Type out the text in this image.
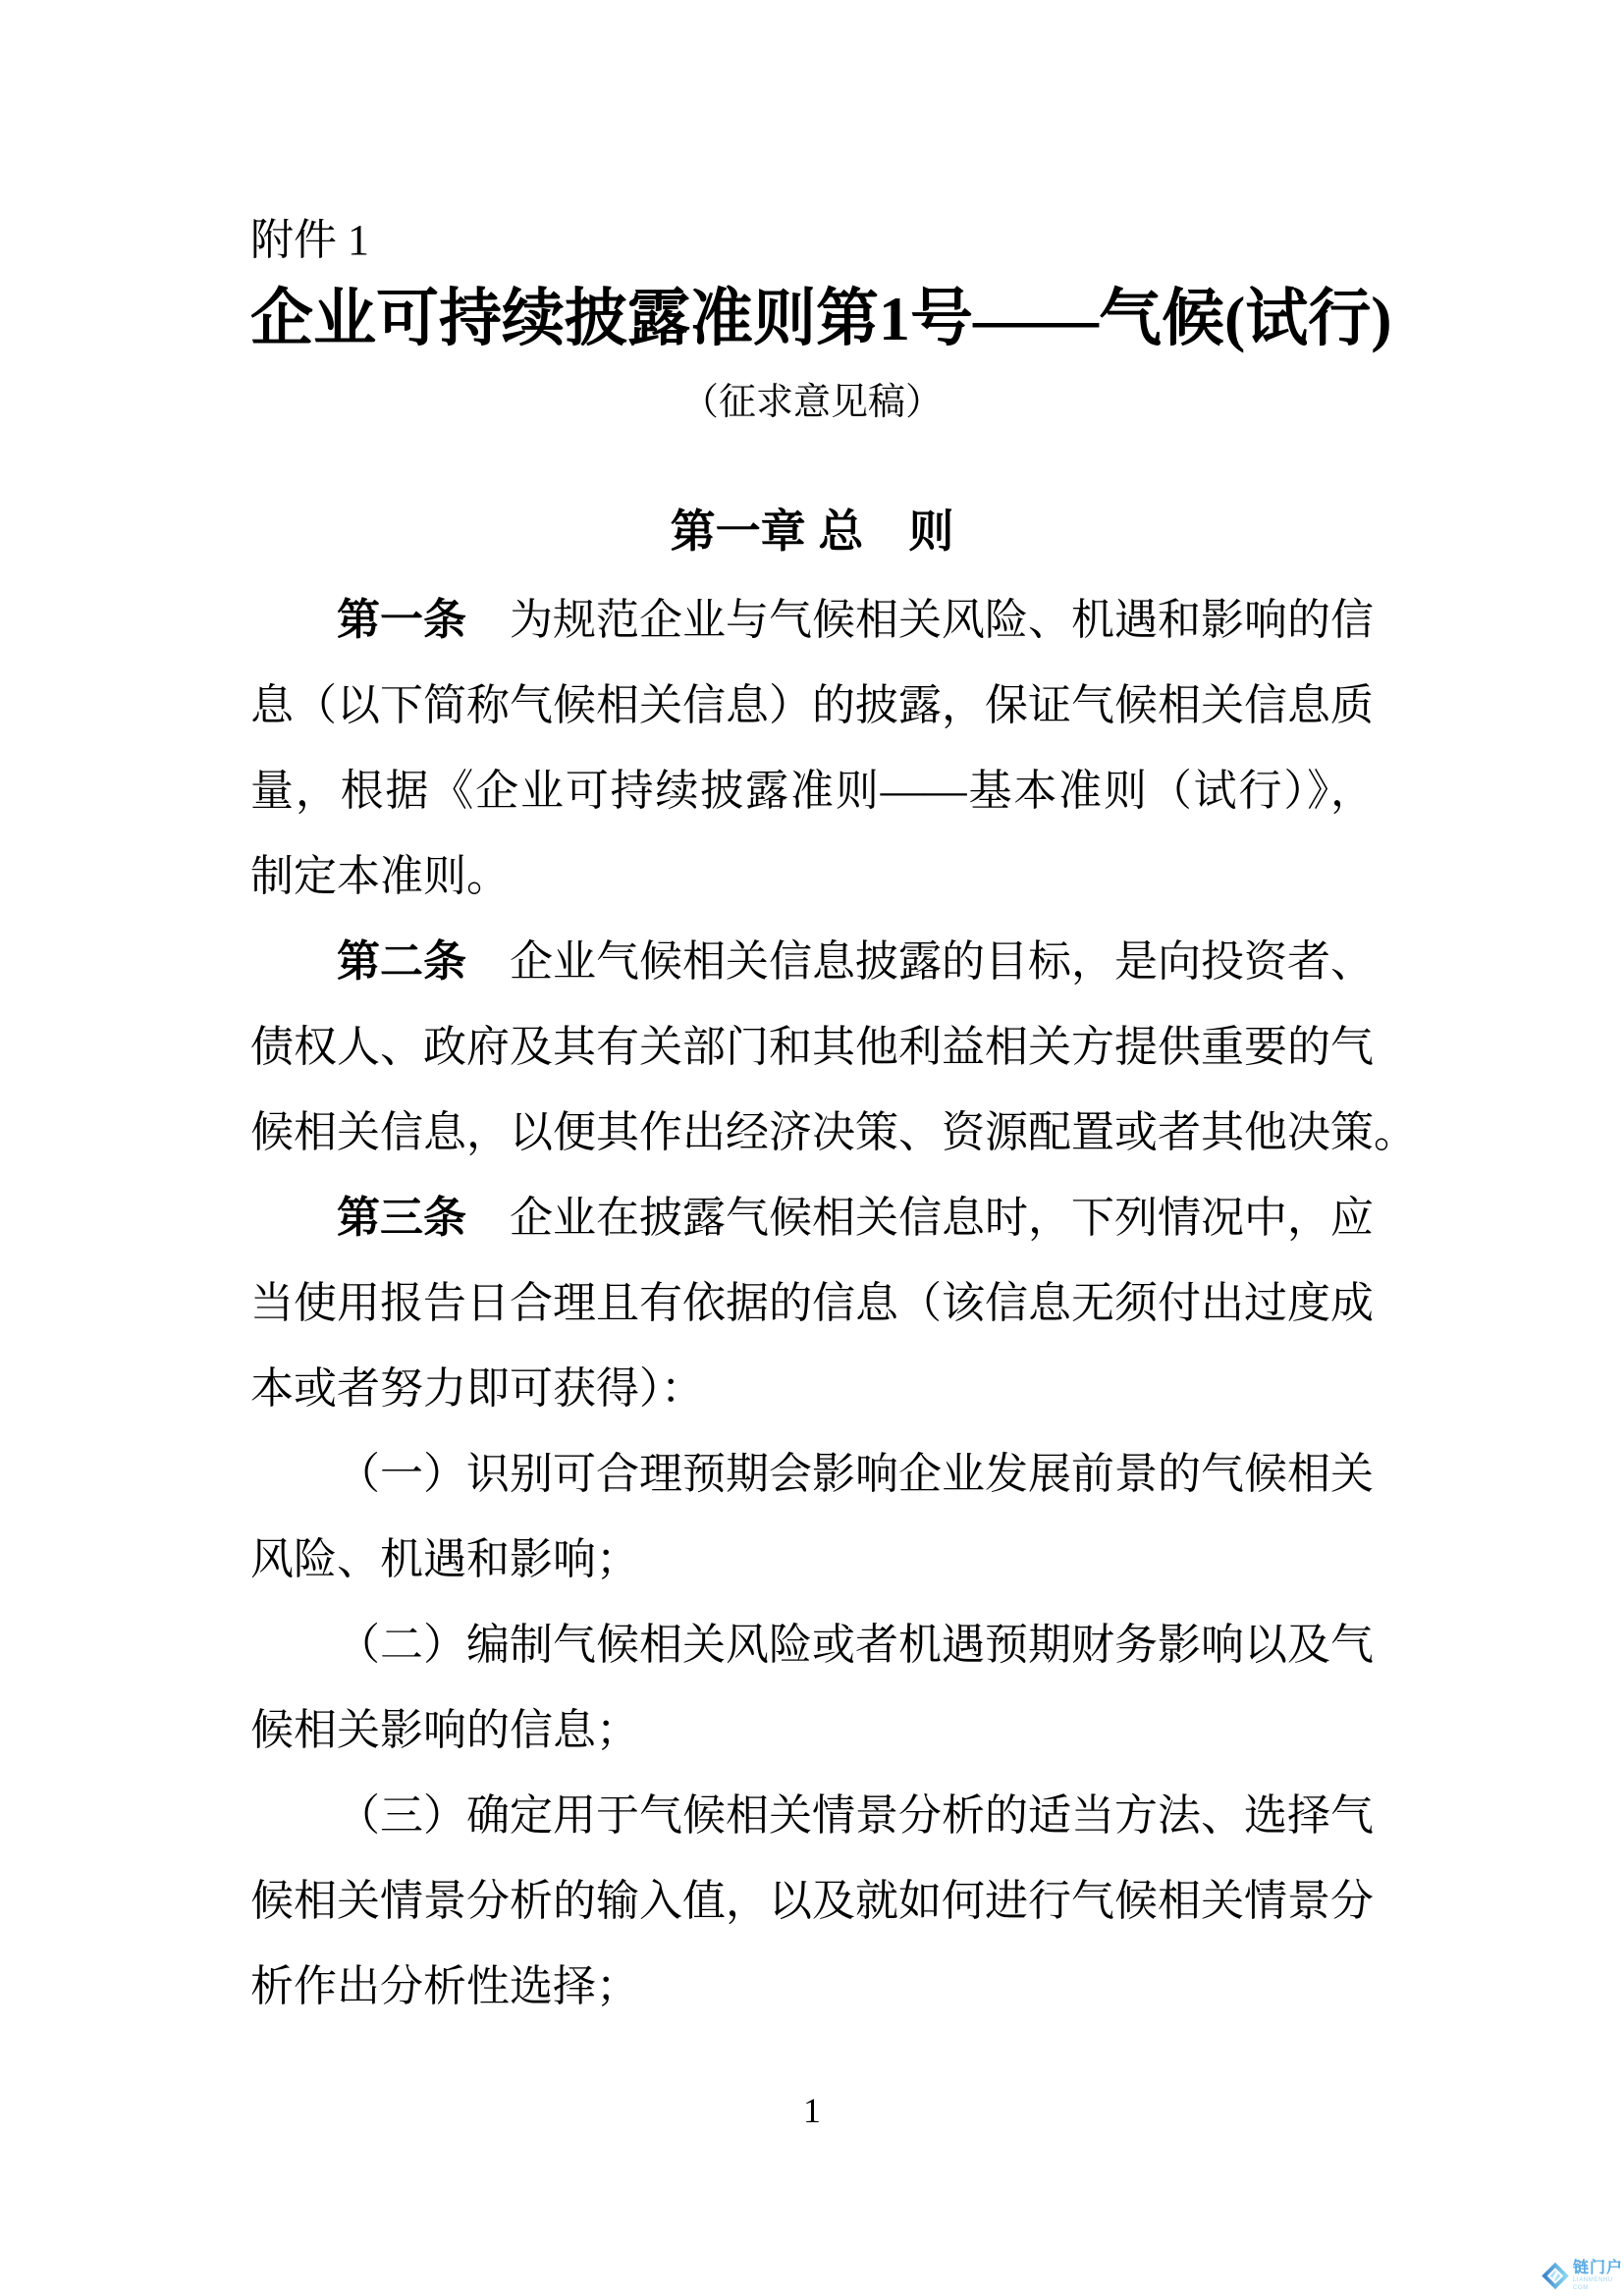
附件 1
企业可持续披露准则第1号——气候(试行)
（征求意见稿）
第一章 总　则
第一条　为规范企业与气候相关风险、机遇和影响的信
息（以下简称气候相关信息）的披露，保证气候相关信息质
量，根据《企业可持续披露准则——基本准则（试行）》，
制定本准则。
第二条　企业气候相关信息披露的目标，是向投资者、
债权人、政府及其有关部门和其他利益相关方提供重要的气
候相关信息，以便其作出经济决策、资源配置或者其他决策。
第三条　企业在披露气候相关信息时，下列情况中，应
当使用报告日合理且有依据的信息（该信息无须付出过度成
本或者努力即可获得）：
（一）识别可合理预期会影响企业发展前景的气候相关
风险、机遇和影响；
（二）编制气候相关风险或者机遇预期财务影响以及气
候相关影响的信息；
（三）确定用于气候相关情景分析的适当方法、选择气
候相关情景分析的输入值，以及就如何进行气候相关情景分
析作出分析性选择；
1
链门户
LIANMENHU COM
